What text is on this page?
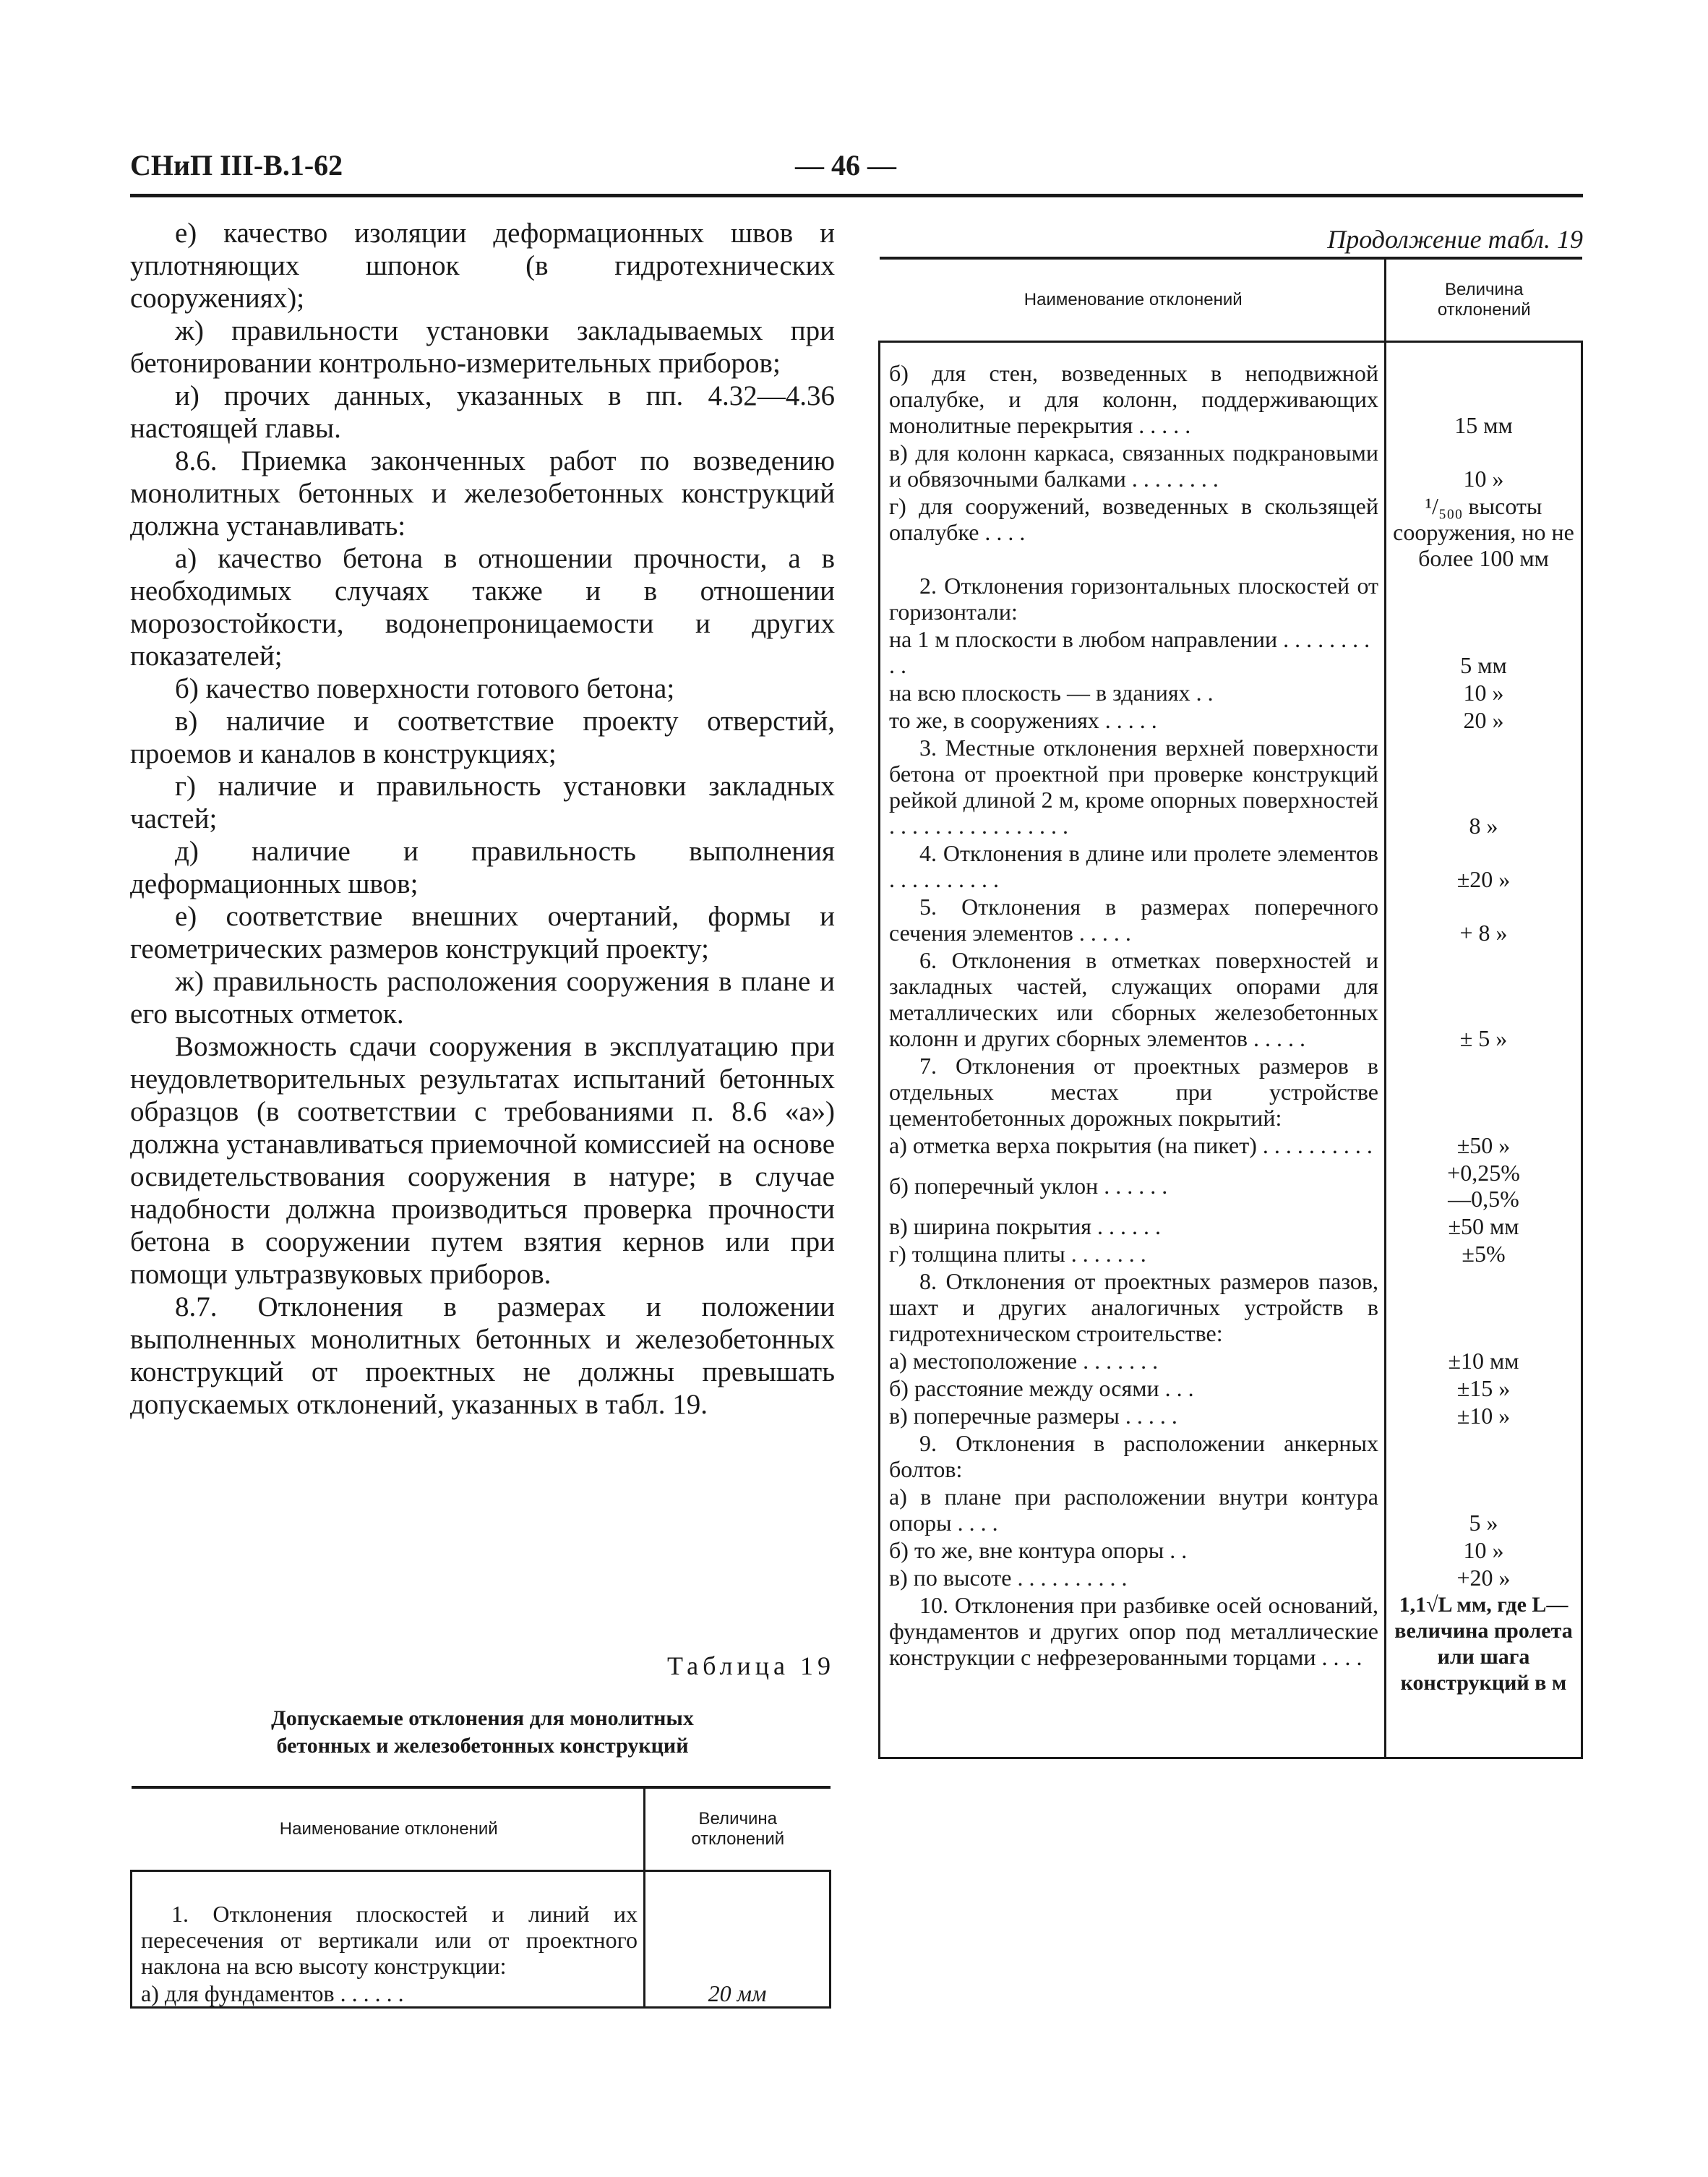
СНиП III-В.1-62	— 46 —

е) качество изоляции деформационных швов и уплотняющих шпонок (в гидротехнических сооружениях);

ж) правильности установки закладываемых при бетонировании контрольно-измерительных приборов;

и) прочих данных, указанных в пп. 4.32—4.36 настоящей главы.

8.6. Приемка законченных работ по возведению монолитных бетонных и железобетонных конструкций должна устанавливать:

а) качество бетона в отношении прочности, а в необходимых случаях также и в отношении морозостойкости, водонепроницаемости и других показателей;

б) качество поверхности готового бетона;

в) наличие и соответствие проекту отверстий, проемов и каналов в конструкциях;

г) наличие и правильность установки закладных частей;

д) наличие и правильность выполнения деформационных швов;

е) соответствие внешних очертаний, формы и геометрических размеров конструкций проекту;

ж) правильность расположения сооружения в плане и его высотных отметок.

Возможность сдачи сооружения в эксплуатацию при неудовлетворительных результатах испытаний бетонных образцов (в соответствии с требованиями п. 8.6 «а») должна устанавливаться приемочной комиссией на основе освидетельствования сооружения в натуре; в случае надобности должна производиться проверка прочности бетона в сооружении путем взятия кернов или при помощи ультразвуковых приборов.

8.7. Отклонения в размерах и положении выполненных монолитных бетонных и железобетонных конструкций от проектных не должны превышать допускаемых отклонений, указанных в табл. 19.

Таблица 19
Допускаемые отклонения для монолитных
бетонных и железобетонных конструкций
Наименование отклонений	Величина
отклонений

1. Отклонения плоскостей и линий их пересечения от вертикали или от проектного наклона на всю высоту конструкции:	
а) для фундаментов . . . . . .	20 мм
Продолжение табл. 19
Наименование отклонений	Величина
отклонений

б) для стен, возведенных в неподвижной опалубке, и для колонн, поддерживающих монолитные перекрытия . . . . .	15 мм
в) для колонн каркаса, связанных подкрановыми и обвязочными балками . . . . . . . .	10 »
г) для сооружений, возведенных в скользящей опалубке . . . .	¹/₅₀₀ высоты сооружения, но не более 100 мм
2. Отклонения горизонтальных плоскостей от горизонтали:	
на 1 м плоскости в любом направлении . . . . . . . . . .	5 мм
на всю плоскость — в зданиях . .	10 »
то же, в сооружениях . . . . .	20 »
3. Местные отклонения верхней поверхности бетона от проектной при проверке конструкций рейкой длиной 2 м, кроме опорных поверхностей . . . . . . . . . . . . . . . .	8 »
4. Отклонения в длине или пролете элементов . . . . . . . . . .	±20 »
5. Отклонения в размерах поперечного сечения элементов . . . . .	+ 8 »
6. Отклонения в отметках поверхностей и закладных частей, служащих опорами для металлических или сборных железобетонных колонн и других сборных элементов . . . . .	± 5 »
7. Отклонения от проектных размеров в отдельных местах при устройстве цементобетонных дорожных покрытий:	
а) отметка верха покрытия (на пикет) . . . . . . . . . .	±50 »
б) поперечный уклон . . . . . .	+0,25%
—0,5%

в) ширина покрытия . . . . . .	±50 мм
г) толщина плиты . . . . . . .	±5%
8. Отклонения от проектных размеров пазов, шахт и других аналогичных устройств в гидротехническом строительстве:	
а) местоположение . . . . . . .	±10 мм
б) расстояние между осями . . .	±15 »
в) поперечные размеры . . . . .	±10 »
9. Отклонения в расположении анкерных болтов:	
а) в плане при расположении внутри контура опоры . . . .	5 »
б) то же, вне контура опоры . .	10 »
в) по высоте . . . . . . . . . .	+20 »
10. Отклонения при разбивке осей оснований, фундаментов и других опор под металлические конструкции с нефрезерованными торцами . . . .	1,1√L мм, где L—величина пролета или шага конструкций в м
